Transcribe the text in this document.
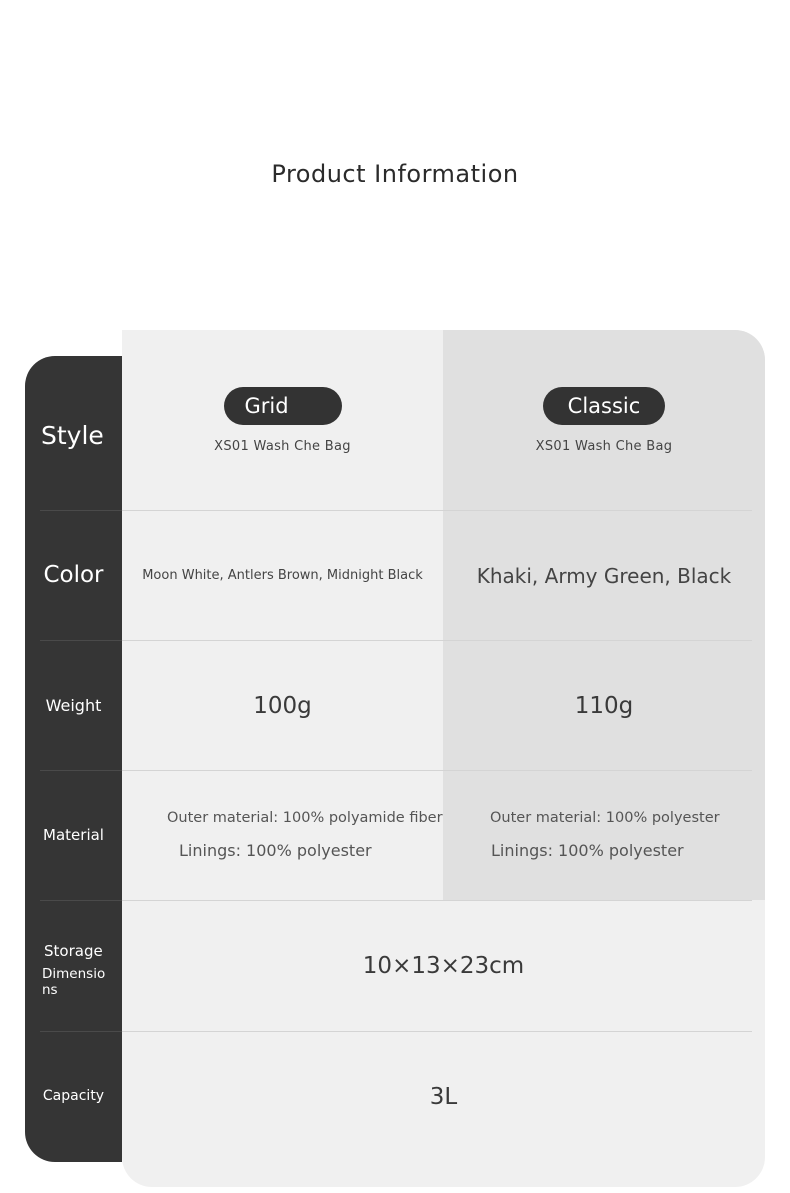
Product Information
Style
Color
Weight
Material
Storage
Dimensio
ns
Capacity
Grid
XS01 Wash Che Bag
Classic
XS01 Wash Che Bag
Moon White, Antlers Brown, Midnight Black	Khaki, Army Green, Black
100g	110g
Outer material: 100% polyamide fiber
Linings: 100% polyester
Outer material: 100% polyester
Linings: 100% polyester
10×13×23cm
3L
